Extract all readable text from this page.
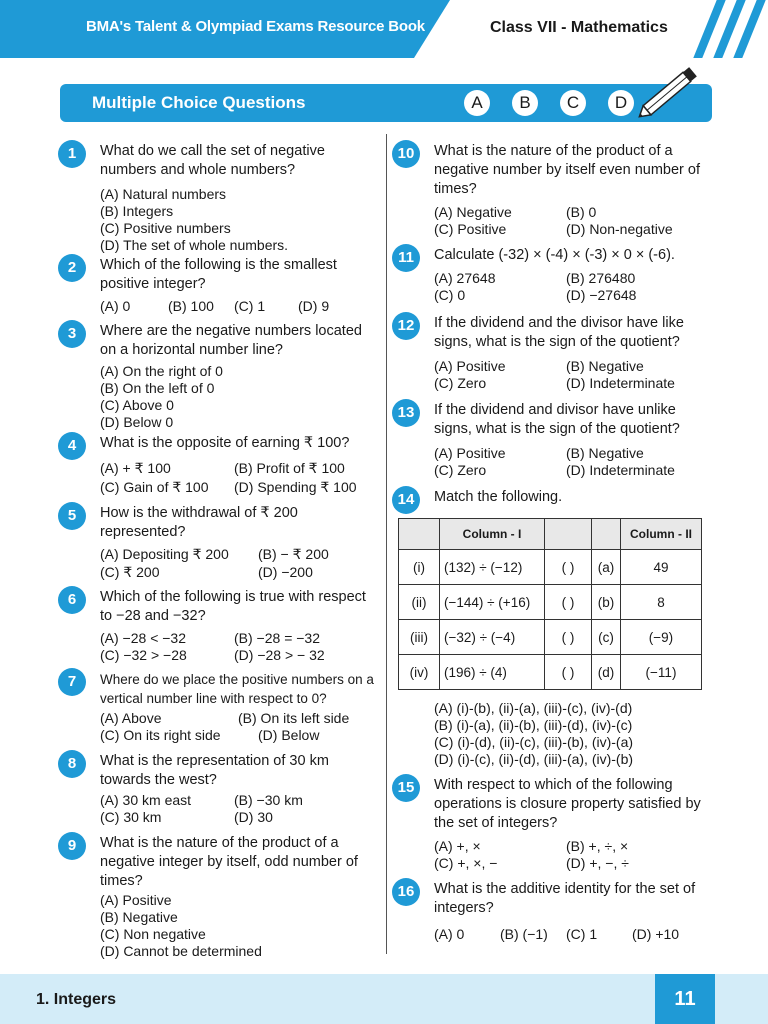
BMA's Talent & Olympiad Exams Resource Book	Class VII - Mathematics
Multiple Choice Questions	A	B	C	D
1	What do we call the set of negative numbers and whole numbers?
(A) Natural numbers
(B) Integers
(C) Positive numbers
(D) The set of whole numbers.
2	Which of the following is the smallest positive integer?
(A) 0	(B) 100 (C) 1 (D) 9
3	Where are the negative numbers located on a horizontal number line?
(A) On the right of 0
(B) On the left of 0
(C) Above 0
(D) Below 0
4	What is the opposite of earning ₹ 100?
(A) + ₹ 100	(B) Profit of ₹ 100
(C) Gain of ₹ 100 (D) Spending ₹ 100
5	How is the withdrawal of ₹ 200 represented?
(A) Depositing ₹ 200 (B) − ₹ 200
(C) ₹ 200	(D) −200
6	Which of the following is true with respect to −28 and −32?
(A) −28 < −32	(B) −28 = −32
(C) −32 > −28	(D) −28 > − 32
7	Where do we place the positive numbers on a vertical number line with respect to 0?
(A) Above	(B) On its left side
(C) On its right side	(D) Below
8	What is the representation of 30 km towards the west?
(A) 30 km east	(B) −30 km
(C) 30 km	(D) 30
9	What is the nature of the product of a negative integer by itself, odd number of times?
(A) Positive
(B) Negative
(C) Non negative
(D) Cannot be determined
10	What is the nature of the product of a negative number by itself even number of times?
(A) Negative	(B) 0
(C) Positive	(D) Non-negative
11	Calculate (-32) × (-4) × (-3) × 0 × (-6).
(A) 27648	(B) 276480
(C) 0	(D) −27648
12	If the dividend and the divisor have like signs, what is the sign of the quotient?
(A) Positive	(B) Negative
(C) Zero	(D) Indeterminate
13	If the dividend and divisor have unlike signs, what is the sign of the quotient?
(A) Positive	(B) Negative
(C) Zero	(D) Indeterminate
14	Match the following.
(A) (i)-(b), (ii)-(a), (iii)-(c), (iv)-(d)
(B) (i)-(a), (ii)-(b), (iii)-(d), (iv)-(c)
(C) (i)-(d), (ii)-(c), (iii)-(b), (iv)-(a)
(D) (i)-(c), (ii)-(d), (iii)-(a), (iv)-(b)
15	With respect to which of the following operations is closure property satisfied by the set of integers?
(A) +, ×	(B) +, ÷, ×
(C) +, ×, −	(D) +, −, ÷
16	What is the additive identity for the set of integers?
(A) 0	(B) (−1) (C) 1 (D) +10
	Column - I			Column - II
(i)	(132) ÷ (−12)	( )	(a)	49
(ii)	(−144) ÷ (+16)	( )	(b)	8
(iii)	(−32) ÷ (−4)	( )	(c)	(−9)
(iv)	(196) ÷ (4)	( )	(d)	(−11)
1. Integers	11
